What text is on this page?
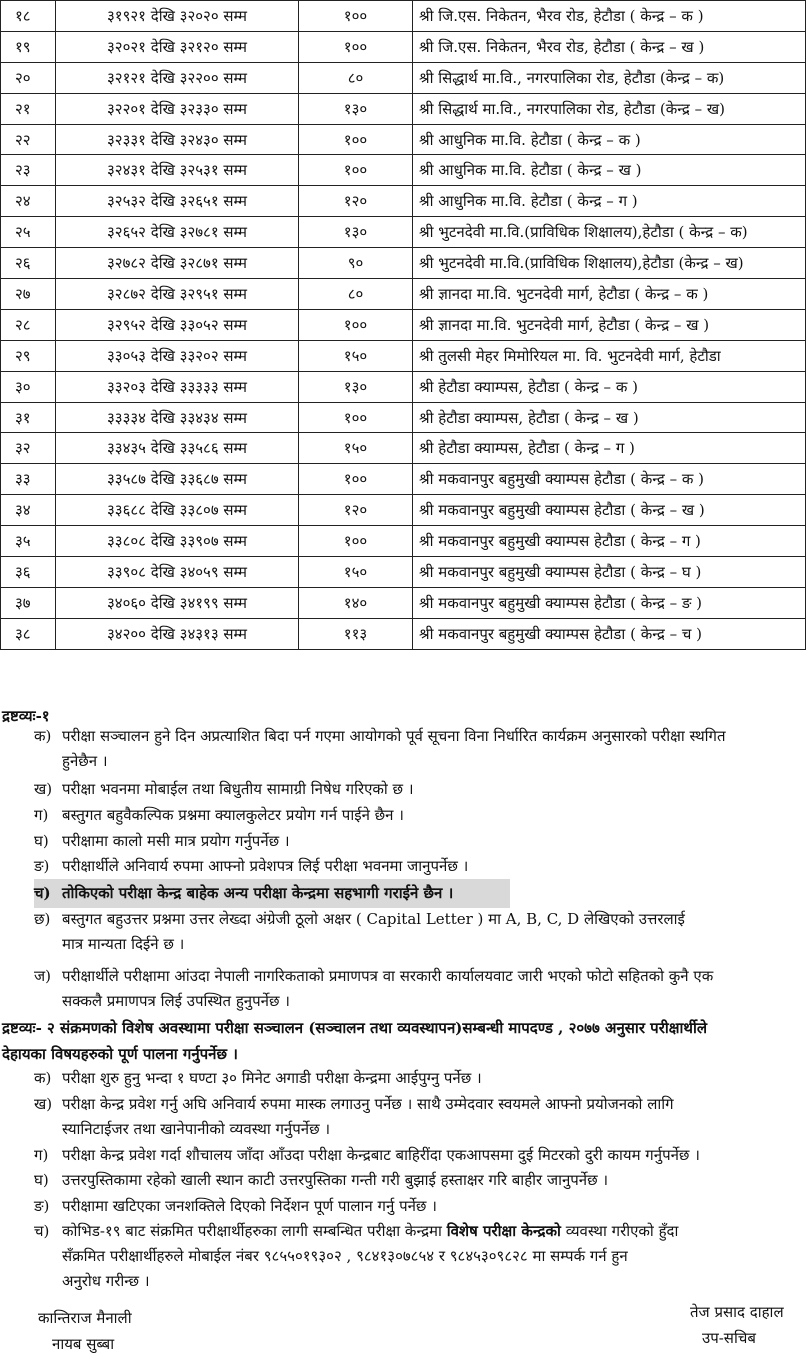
१८	३१९२१ देखि ३२०२० सम्म	१००	श्री जि.एस. निकेतन, भैरव रोड, हेटौडा ( केन्द्र – क )
१९	३२०२१ देखि ३२१२० सम्म	१००	श्री जि.एस. निकेतन, भैरव रोड, हेटौडा ( केन्द्र – ख )
२०	३२१२१ देखि ३२२०० सम्म	८०	श्री सिद्धार्थ मा.वि., नगरपालिका रोड, हेटौडा (केन्द्र – क)
२१	३२२०१ देखि ३२३३० सम्म	१३०	श्री सिद्धार्थ मा.वि., नगरपालिका रोड, हेटौडा (केन्द्र – ख)
२२	३२३३१ देखि ३२४३० सम्म	१००	श्री आधुनिक मा.वि. हेटौडा ( केन्द्र – क )
२३	३२४३१ देखि ३२५३१ सम्म	१००	श्री आधुनिक मा.वि. हेटौडा ( केन्द्र – ख )
२४	३२५३२ देखि ३२६५१ सम्म	१२०	श्री आधुनिक मा.वि. हेटौडा ( केन्द्र – ग )
२५	३२६५२ देखि ३२७८१ सम्म	१३०	श्री भुटनदेवी मा.वि.(प्राविधिक शिक्षालय),हेटौडा ( केन्द्र – क)
२६	३२७८२ देखि ३२८७१ सम्म	९०	श्री भुटनदेवी मा.वि.(प्राविधिक शिक्षालय),हेटौडा (केन्द्र – ख)
२७	३२८७२ देखि ३२९५१ सम्म	८०	श्री ज्ञानदा मा.वि. भुटनदेवी मार्ग, हेटौडा ( केन्द्र – क )
२८	३२९५२ देखि ३३०५२ सम्म	१००	श्री ज्ञानदा मा.वि. भुटनदेवी मार्ग, हेटौडा ( केन्द्र – ख )
२९	३३०५३ देखि ३३२०२ सम्म	१५०	श्री तुलसी मेहर मिमोरियल मा. वि. भुटनदेवी मार्ग, हेटौडा
३०	३३२०३ देखि ३३३३३ सम्म	१३०	श्री हेटौडा क्याम्पस, हेटौडा ( केन्द्र – क )
३१	३३३३४ देखि ३३४३४ सम्म	१००	श्री हेटौडा क्याम्पस, हेटौडा ( केन्द्र – ख )
३२	३३४३५ देखि ३३५८६ सम्म	१५०	श्री हेटौडा क्याम्पस, हेटौडा ( केन्द्र – ग )
३३	३३५८७ देखि ३३६८७ सम्म	१००	श्री मकवानपुर बहुमुखी क्याम्पस हेटौडा ( केन्द्र – क )
३४	३३६८८ देखि ३३८०७ सम्म	१२०	श्री मकवानपुर बहुमुखी क्याम्पस हेटौडा ( केन्द्र – ख )
३५	३३८०८ देखि ३३९०७ सम्म	१००	श्री मकवानपुर बहुमुखी क्याम्पस हेटौडा ( केन्द्र – ग )
३६	३३९०८ देखि ३४०५९ सम्म	१५०	श्री मकवानपुर बहुमुखी क्याम्पस हेटौडा ( केन्द्र – घ )
३७	३४०६० देखि ३४१९९ सम्म	१४०	श्री मकवानपुर बहुमुखी क्याम्पस हेटौडा ( केन्द्र – ङ )
३८	३४२०० देखि ३४३१३ सम्म	११३	श्री मकवानपुर बहुमुखी क्याम्पस हेटौडा ( केन्द्र – च )
द्रष्टव्यः-१
क) परीक्षा सञ्चालन हुने दिन अप्रत्याशित बिदा पर्न गएमा आयोगको पूर्व सूचना विना निर्धारित कार्यक्रम अनुसारको परीक्षा स्थगित
हुनेछैन ।
ख) परीक्षा भवनमा मोबाईल तथा बिधुतीय सामाग्री निषेध गरिएको छ ।
ग) बस्तुगत बहुवैकल्पिक प्रश्नमा क्यालकुलेटर प्रयोग गर्न पाईने छैन ।
घ) परीक्षामा कालो मसी मात्र प्रयोग गर्नुपर्नेछ ।
ङ) परीक्षार्थीले अनिवार्य रुपमा आफ्नो प्रवेशपत्र लिई परीक्षा भवनमा जानुपर्नेछ ।
च) तोकिएको परीक्षा केन्द्र बाहेक अन्य परीक्षा केन्द्रमा सहभागी गराईने छैन ।
छ) बस्तुगत बहुउत्तर प्रश्नमा उत्तर लेख्दा अंग्रेजी ठूलो अक्षर ( Capital Letter ) मा A, B, C, D लेखिएको उत्तरलाई
मात्र मान्यता दिईने छ ।
ज) परीक्षार्थीले परीक्षामा आंउदा नेपाली नागरिकताको प्रमाणपत्र वा सरकारी कार्यालयवाट जारी भएको फोटो सहितको कुनै एक
सक्कलै प्रमाणपत्र लिई उपस्थित हुनुपर्नेछ ।
द्रष्टव्यः- २ संक्रमणको विशेष अवस्थामा परीक्षा सञ्चालन (सञ्चालन तथा व्यवस्थापन)सम्बन्धी मापदण्ड , २०७७ अनुसार परीक्षार्थीले
देहायका विषयहरुको पूर्ण पालना गर्नुपर्नेछ ।
क) परीक्षा शुरु हुनु भन्दा १ घण्टा ३० मिनेट अगाडी परीक्षा केन्द्रमा आईपुग्नु पर्नेछ ।
ख) परीक्षा केन्द्र प्रवेश गर्नु अघि अनिवार्य रुपमा मास्क लगाउनु पर्नेछ । साथै उम्मेदवार स्वयमले आफ्नो प्रयोजनको लागि
स्यानिटाईजर तथा खानेपानीको व्यवस्था गर्नुपर्नेछ ।
ग) परीक्षा केन्द्र प्रवेश गर्दा शौचालय जाँदा आँउदा परीक्षा केन्द्रबाट बाहिरींदा एकआपसमा दुई मिटरको दुरी कायम गर्नुपर्नेछ ।
घ) उत्तरपुस्तिकामा रहेको खाली स्थान काटी उत्तरपुस्तिका गन्ती गरी बुझाई हस्ताक्षर गरि बाहीर जानुपर्नेछ ।
ङ) परीक्षामा खटिएका जनशक्तिले दिएको निर्देशन पूर्ण पालान गर्नु पर्नेछ ।
च) कोभिड-१९ बाट संक्रमित परीक्षार्थीहरुका लागी सम्बन्धित परीक्षा केन्द्रमा विशेष परीक्षा केन्द्रको व्यवस्था गरीएको हुँदा
सँक्रमित परीक्षार्थीहरुले मोबाईल नंबर ९८५५०१९३०२ , ९८४१३०७८५४ र ९८४५३०९८२८ मा सम्पर्क गर्न हुन
अनुरोध गरीन्छ ।
कान्तिराज मैनाली
नायब सुब्बा
तेज प्रसाद दाहाल
उप-सचिब
